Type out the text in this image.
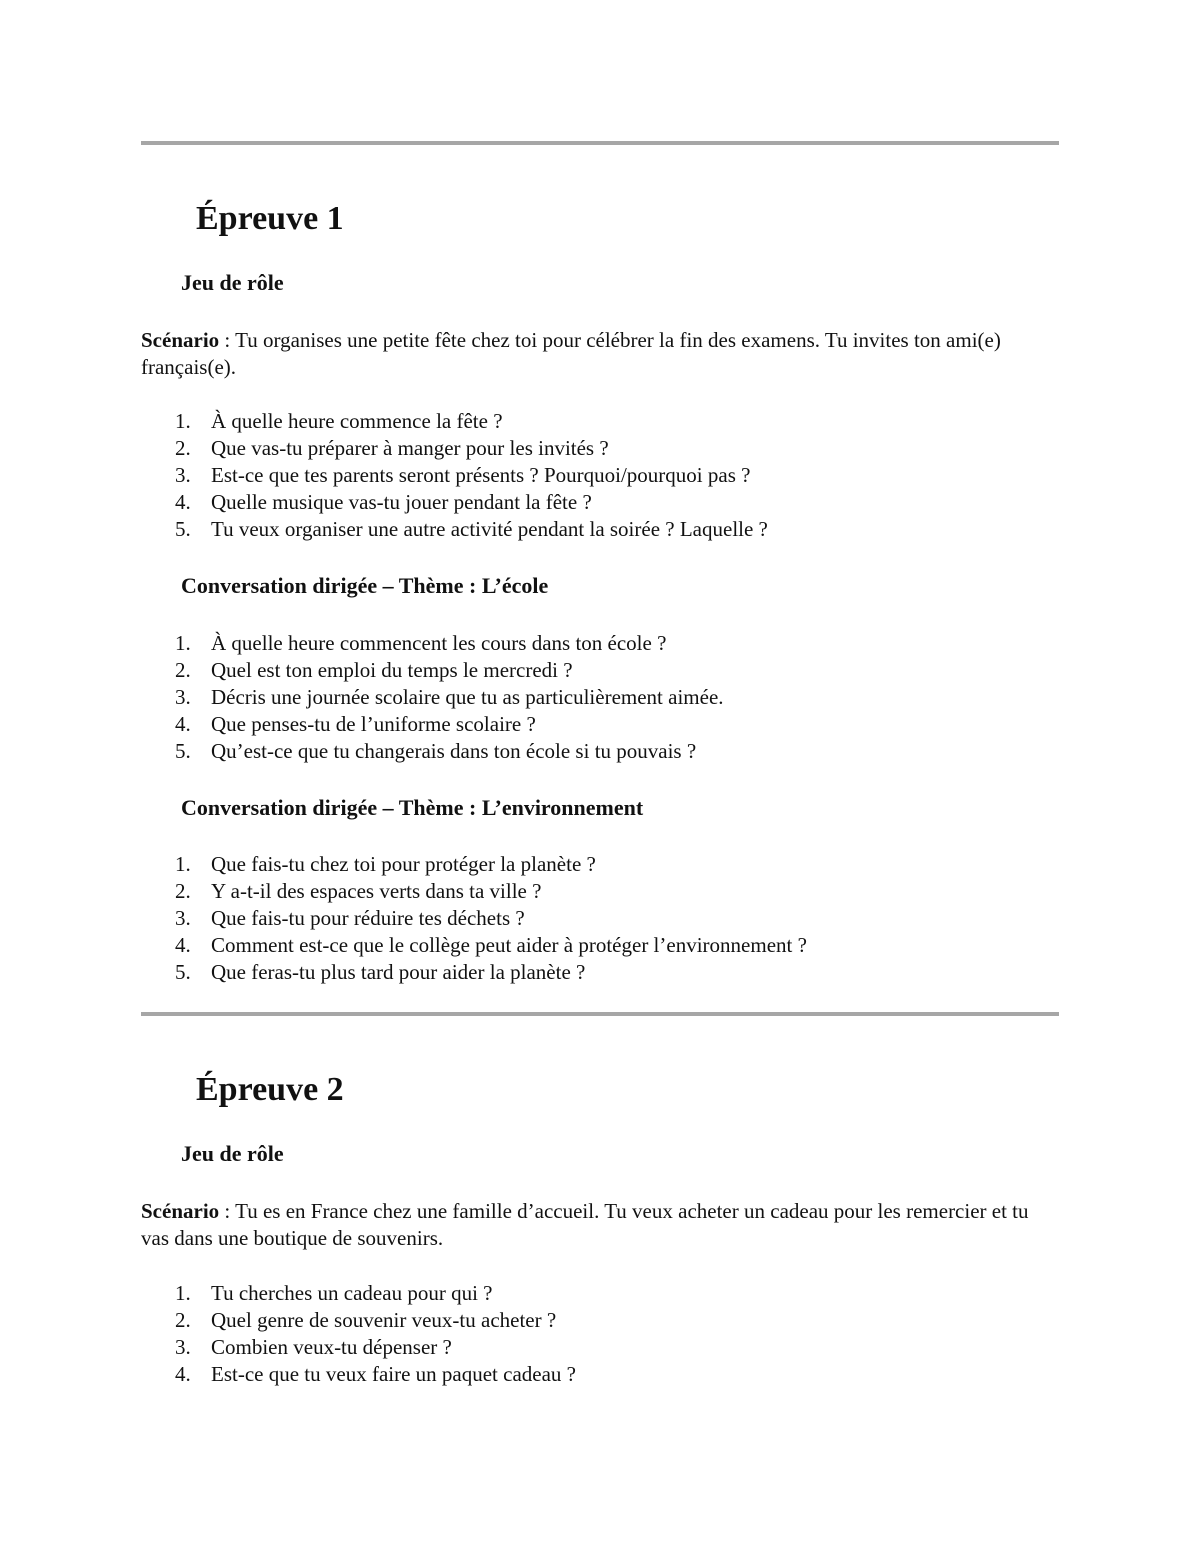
Épreuve 1
Jeu de rôle

Scénario : Tu organises une petite fête chez toi pour célébrer la fin des examens. Tu invites ton ami(e) français(e).

1. À quelle heure commence la fête ?
2. Que vas-tu préparer à manger pour les invités ?
3. Est-ce que tes parents seront présents ? Pourquoi/pourquoi pas ?
4. Quelle musique vas-tu jouer pendant la fête ?
5. Tu veux organiser une autre activité pendant la soirée ? Laquelle ?
Conversation dirigée – Thème : L’école
1. À quelle heure commencent les cours dans ton école ?
2. Quel est ton emploi du temps le mercredi ?
3. Décris une journée scolaire que tu as particulièrement aimée.
4. Que penses-tu de l’uniforme scolaire ?
5. Qu’est-ce que tu changerais dans ton école si tu pouvais ?
Conversation dirigée – Thème : L’environnement
1. Que fais-tu chez toi pour protéger la planète ?
2. Y a-t-il des espaces verts dans ta ville ?
3. Que fais-tu pour réduire tes déchets ?
4. Comment est-ce que le collège peut aider à protéger l’environnement ?
5. Que feras-tu plus tard pour aider la planète ?
Épreuve 2
Jeu de rôle

Scénario : Tu es en France chez une famille d’accueil. Tu veux acheter un cadeau pour les remercier et tu vas dans une boutique de souvenirs.

1. Tu cherches un cadeau pour qui ?
2. Quel genre de souvenir veux-tu acheter ?
3. Combien veux-tu dépenser ?
4. Est-ce que tu veux faire un paquet cadeau ?
